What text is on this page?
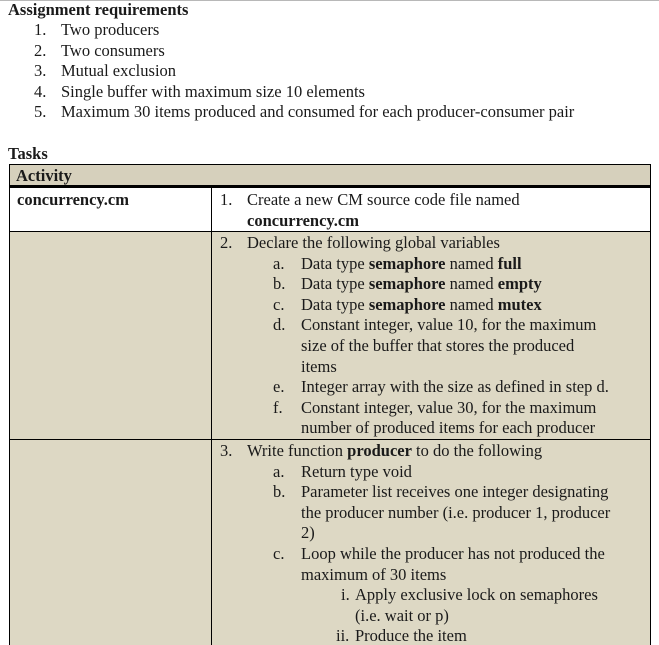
Assignment requirements
1. Two producers
2. Two consumers
3. Mutual exclusion
4. Single buffer with maximum size 10 elements
5. Maximum 30 items produced and consumed for each producer-consumer pair
Tasks
Activity
concurrency.cm	1. Create a new CM source code file named
concurrency.cm
2. Declare the following global variables
a. Data type semaphore named full
b. Data type semaphore named empty
c. Data type semaphore named mutex
d. Constant integer, value 10, for the maximum
size of the buffer that stores the produced
items
e. Integer array with the size as defined in step d.
f. Constant integer, value 30, for the maximum
number of produced items for each producer
3. Write function producer to do the following
a. Return type void
b. Parameter list receives one integer designating
the producer number (i.e. producer 1, producer
2)
c. Loop while the producer has not produced the
maximum of 30 items
i. Apply exclusive lock on semaphores
(i.e. wait or p)
ii. Produce the item
